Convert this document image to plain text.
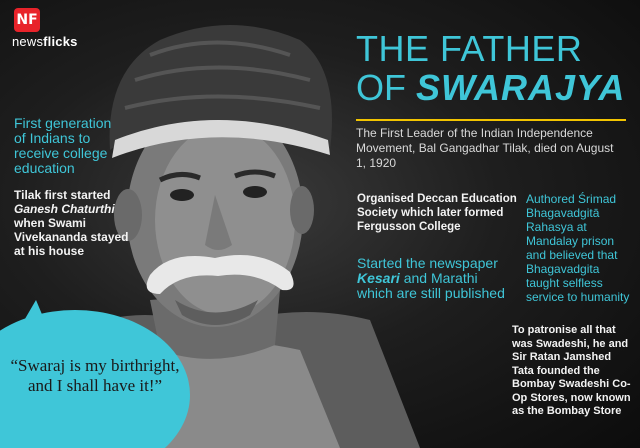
NF
newsflicks	THE FATHER
OF SWARAJYA
The First Leader of the Indian Independence Movement, Bal Gangadhar Tilak, died on August 1, 1920
First generation of Indians to receive college education
Tilak first started Ganesh Chaturthi when Swami Vivekananda stayed at his house
Organised Deccan Education Society which later formed Fergusson College
Started the newspaper Kesari and Marathi which are still published
Authored Śrimad Bhagavadgitā Rahasya at Mandalay prison and believed that Bhagavadgita taught selfless service to humanity
To patronise all that was Swadeshi, he and Sir Ratan Jamshed Tata founded the Bombay Swadeshi Co-Op Stores, now known as the Bombay Store
“Swaraj is my birthright, and I shall have it!”
